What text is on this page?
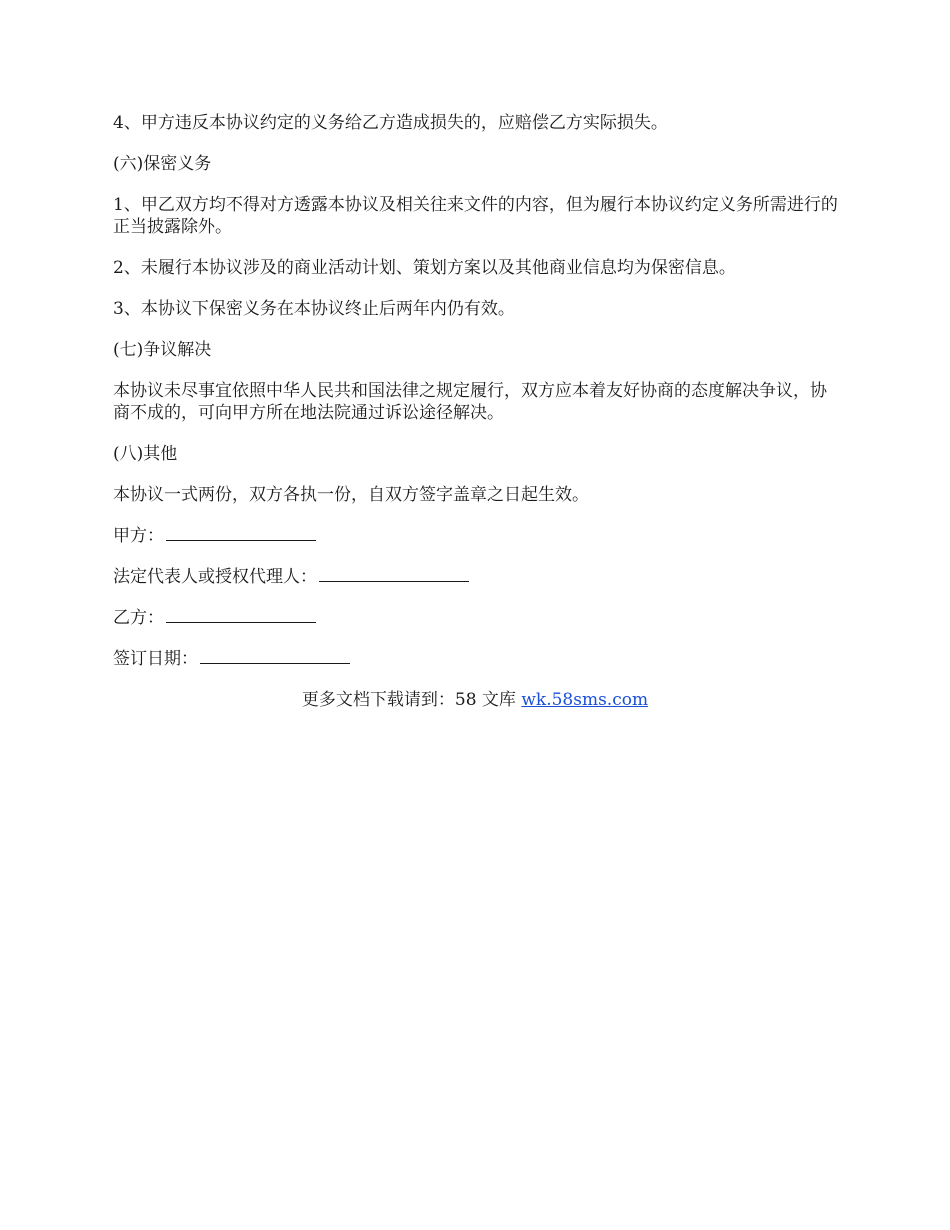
4、甲方违反本协议约定的义务给乙方造成损失的，应赔偿乙方实际损失。

(六)保密义务

1、甲乙双方均不得对方透露本协议及相关往来文件的内容，但为履行本协议约定义务所需进行的正当披露除外。

2、未履行本协议涉及的商业活动计划、策划方案以及其他商业信息均为保密信息。

3、本协议下保密义务在本协议终止后两年内仍有效。

(七)争议解决

本协议未尽事宜依照中华人民共和国法律之规定履行，双方应本着友好协商的态度解决争议，协商不成的，可向甲方所在地法院通过诉讼途径解决。

(八)其他

本协议一式两份，双方各执一份，自双方签字盖章之日起生效。

甲方：

法定代表人或授权代理人：

乙方：

签订日期：

更多文档下载请到：58 文库 wk.58sms.com
